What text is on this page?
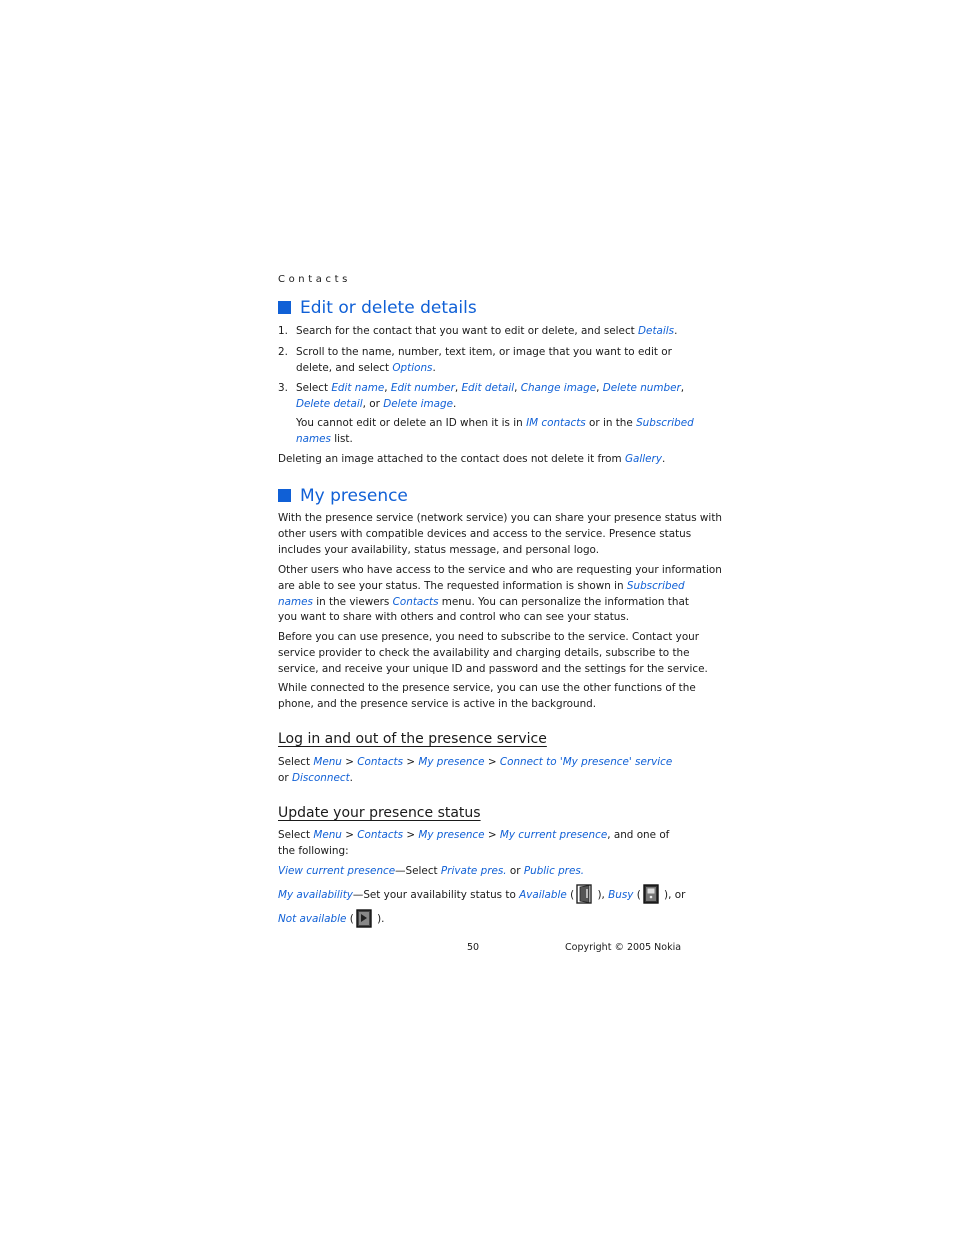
Contacts
Edit or delete details
1. Search for the contact that you want to edit or delete, and select Details.
2. Scroll to the name, number, text item, or image that you want to edit or
delete, and select Options.
3. Select Edit name, Edit number, Edit detail, Change image, Delete number,
Delete detail, or Delete image.
You cannot edit or delete an ID when it is in IM contacts or in the Subscribed
names list.
Deleting an image attached to the contact does not delete it from Gallery.
My presence
With the presence service (network service) you can share your presence status with
other users with compatible devices and access to the service. Presence status
includes your availability, status message, and personal logo.
Other users who have access to the service and who are requesting your information
are able to see your status. The requested information is shown in Subscribed
names in the viewers Contacts menu. You can personalize the information that
you want to share with others and control who can see your status.
Before you can use presence, you need to subscribe to the service. Contact your
service provider to check the availability and charging details, subscribe to the
service, and receive your unique ID and password and the settings for the service.
While connected to the presence service, you can use the other functions of the
phone, and the presence service is active in the background.
Log in and out of the presence service
Select Menu > Contacts > My presence > Connect to 'My presence' service
or Disconnect.
Update your presence status
Select Menu > Contacts > My presence > My current presence, and one of
the following:
View current presence—Select Private pres. or Public pres.
My availability—Set your availability status to Available ( ), Busy ( ), or
Not available ( ).
50	Copyright © 2005 Nokia
